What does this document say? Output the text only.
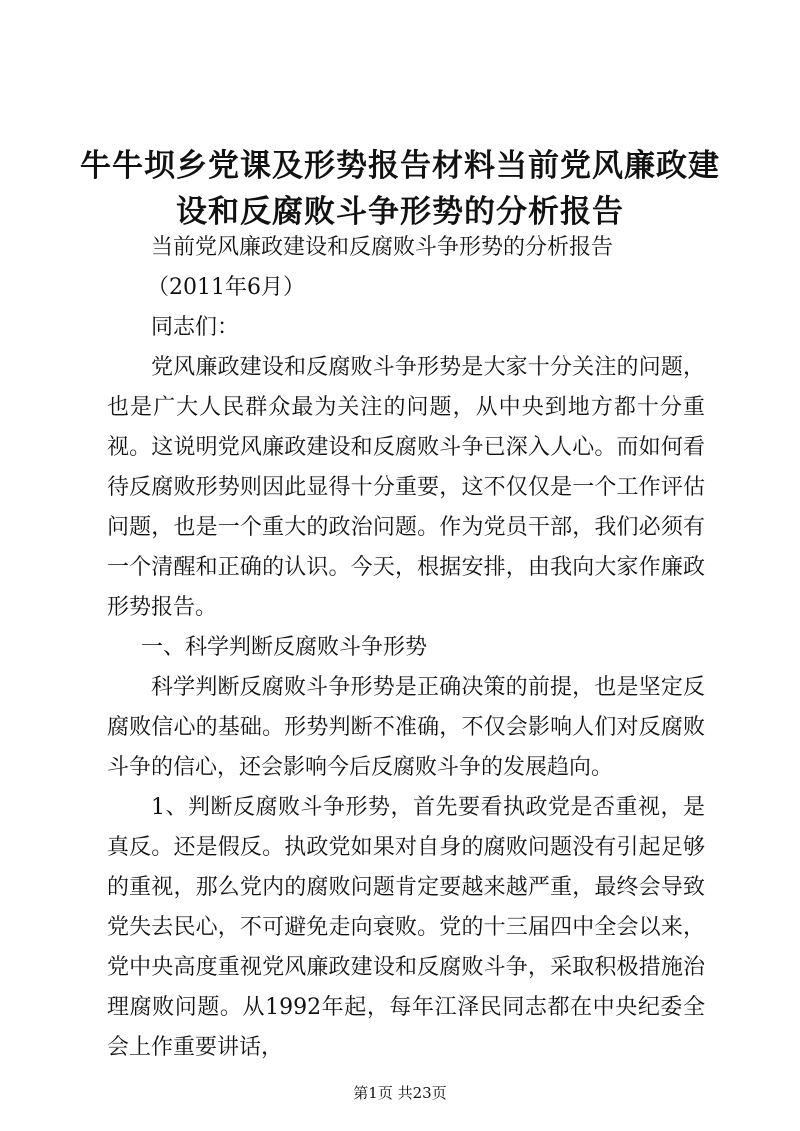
牛牛坝乡党课及形势报告材料当前党风廉政建设和反腐败斗争形势的分析报告

当前党风廉政建设和反腐败斗争形势的分析报告

（2011年6月）

同志们：

党风廉政建设和反腐败斗争形势是大家十分关注的问题，也是广大人民群众最为关注的问题，从中央到地方都十分重视。这说明党风廉政建设和反腐败斗争已深入人心。而如何看待反腐败形势则因此显得十分重要，这不仅仅是一个工作评估问题，也是一个重大的政治问题。作为党员干部，我们必须有一个清醒和正确的认识。今天，根据安排，由我向大家作廉政形势报告。

一、科学判断反腐败斗争形势

科学判断反腐败斗争形势是正确决策的前提，也是坚定反腐败信心的基础。形势判断不准确，不仅会影响人们对反腐败斗争的信心，还会影响今后反腐败斗争的发展趋向。

1、判断反腐败斗争形势，首先要看执政党是否重视，是真反。还是假反。执政党如果对自身的腐败问题没有引起足够的重视，那么党内的腐败问题肯定要越来越严重，最终会导致党失去民心，不可避免走向衰败。党的十三届四中全会以来，党中央高度重视党风廉政建设和反腐败斗争，采取积极措施治理腐败问题。从1992年起，每年江泽民同志都在中央纪委全会上作重要讲话，

第1页 共23页
